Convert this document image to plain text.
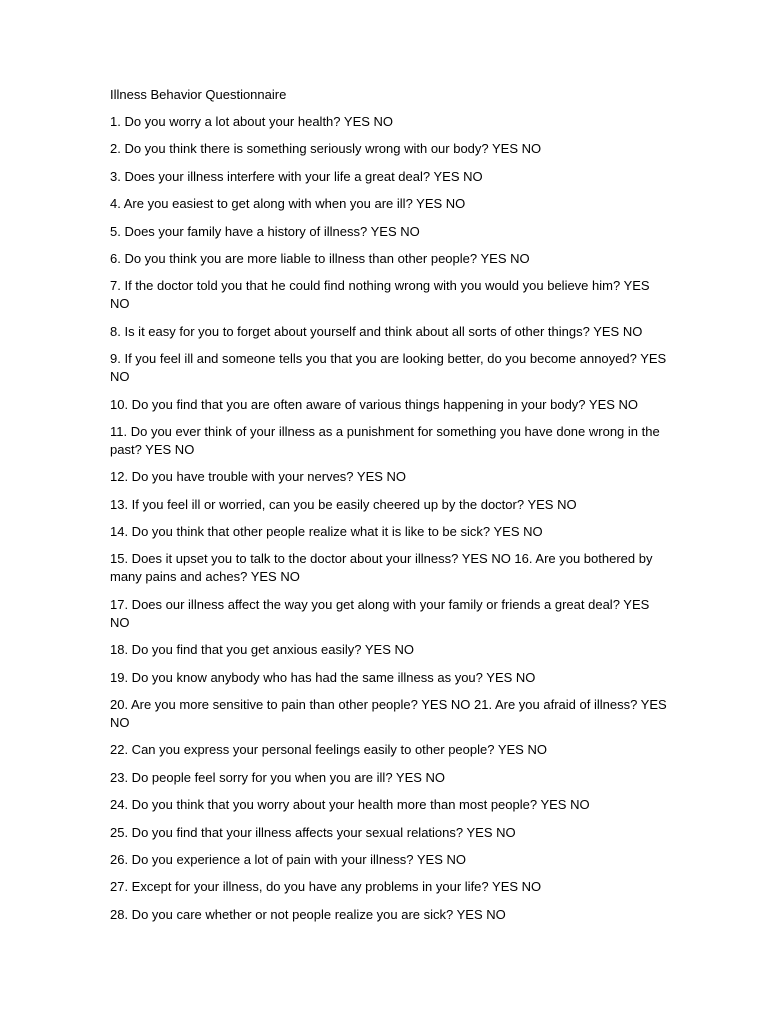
Illness Behavior Questionnaire

1. Do you worry a lot about your health? YES NO

2. Do you think there is something seriously wrong with our body? YES NO

3. Does your illness interfere with your life a great deal? YES NO

4. Are you easiest to get along with when you are ill? YES NO

5. Does your family have a history of illness? YES NO

6. Do you think you are more liable to illness than other people? YES NO

7. If the doctor told you that he could find nothing wrong with you would you believe him? YES NO

8. Is it easy for you to forget about yourself and think about all sorts of other things? YES NO

9. If you feel ill and someone tells you that you are looking better, do you become annoyed? YES NO

10. Do you find that you are often aware of various things happening in your body? YES NO

11. Do you ever think of your illness as a punishment for something you have done wrong in the past? YES NO

12. Do you have trouble with your nerves? YES NO

13. If you feel ill or worried, can you be easily cheered up by the doctor? YES NO

14. Do you think that other people realize what it is like to be sick? YES NO

15. Does it upset you to talk to the doctor about your illness? YES NO 16. Are you bothered by many pains and aches? YES NO

17. Does our illness affect the way you get along with your family or friends a great deal? YES NO

18. Do you find that you get anxious easily? YES NO

19. Do you know anybody who has had the same illness as you? YES NO

20. Are you more sensitive to pain than other people? YES NO 21. Are you afraid of illness? YES NO

22. Can you express your personal feelings easily to other people? YES NO

23. Do people feel sorry for you when you are ill? YES NO

24. Do you think that you worry about your health more than most people? YES NO

25. Do you find that your illness affects your sexual relations? YES NO

26. Do you experience a lot of pain with your illness? YES NO

27. Except for your illness, do you have any problems in your life? YES NO

28. Do you care whether or not people realize you are sick? YES NO
